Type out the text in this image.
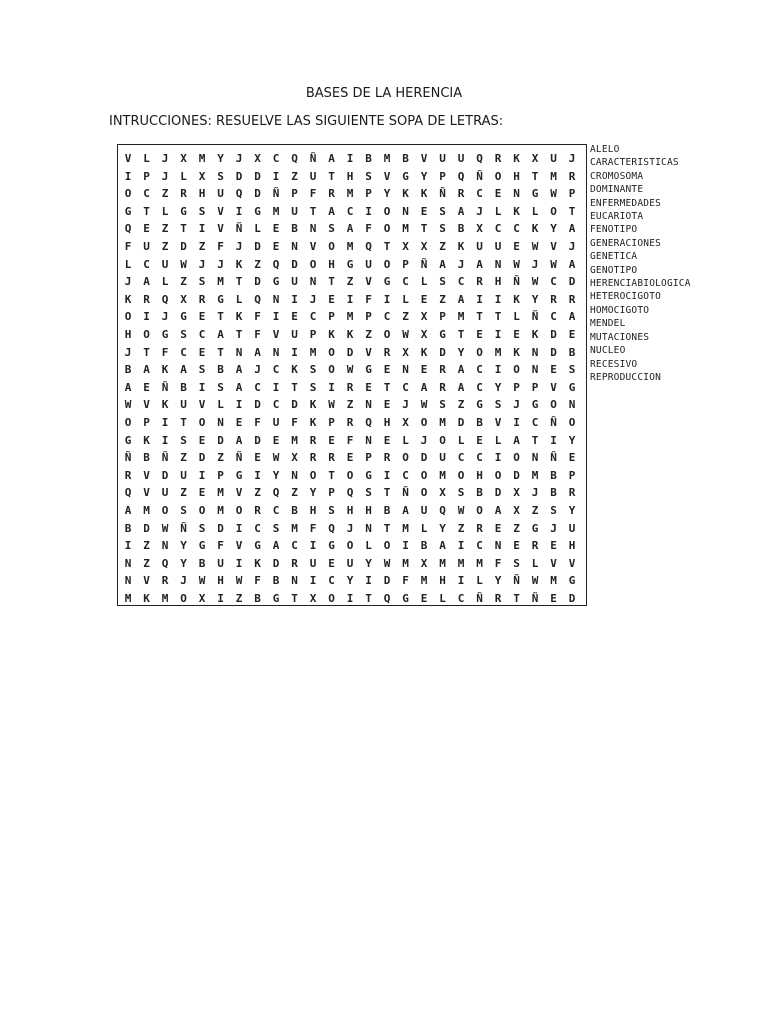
BASES DE LA HERENCIA
INTRUCCIONES: RESUELVE LAS SIGUIENTE SOPA DE LETRAS:
V	L	J	X	M	Y	J	X	C	Q	Ñ	A	I	B	M	B	V	U	U	Q	R	K	X	U	J
I	P	J	L	X	S	D	D	I	Z	U	T	H	S	V	G	Y	P	Q	Ñ	O	H	T	M	R
O	C	Z	R	H	U	Q	D	Ñ	P	F	R	M	P	Y	K	K	Ñ	R	C	E	N	G	W	P
G	T	L	G	S	V	I	G	M	U	T	A	C	I	O	N	E	S	A	J	L	K	L	O	T
Q	E	Z	T	I	V	Ñ	L	E	B	N	S	A	F	O	M	T	S	B	X	C	C	K	Y	A
F	U	Z	D	Z	F	J	D	E	N	V	O	M	Q	T	X	X	Z	K	U	U	E	W	V	J
L	C	U	W	J	J	K	Z	Q	D	O	H	G	U	O	P	Ñ	A	J	A	N	W	J	W	A
J	A	L	Z	S	M	T	D	G	U	N	T	Z	V	G	C	L	S	C	R	H	Ñ	W	C	D
K	R	Q	X	R	G	L	Q	N	I	J	E	I	F	I	L	E	Z	A	I	I	K	Y	R	R
O	I	J	G	E	T	K	F	I	E	C	P	M	P	C	Z	X	P	M	T	T	L	Ñ	C	A
H	O	G	S	C	A	T	F	V	U	P	K	K	Z	O	W	X	G	T	E	I	E	K	D	E
J	T	F	C	E	T	N	A	N	I	M	O	D	V	R	X	K	D	Y	O	M	K	N	D	B
B	A	K	A	S	B	A	J	C	K	S	O	W	G	E	N	E	R	A	C	I	O	N	E	S
A	E	Ñ	B	I	S	A	C	I	T	S	I	R	E	T	C	A	R	A	C	Y	P	P	V	G
W	V	K	U	V	L	I	D	C	D	K	W	Z	N	E	J	W	S	Z	G	S	J	G	O	N
O	P	I	T	O	N	E	F	U	F	K	P	R	Q	H	X	O	M	D	B	V	I	C	Ñ	O
G	K	I	S	E	D	A	D	E	M	R	E	F	N	E	L	J	O	L	E	L	A	T	I	Y
Ñ	B	Ñ	Z	D	Z	Ñ	E	W	X	R	R	E	P	R	O	D	U	C	C	I	O	N	Ñ	E
R	V	D	U	I	P	G	I	Y	N	O	T	O	G	I	C	O	M	O	H	O	D	M	B	P
Q	V	U	Z	E	M	V	Z	Q	Z	Y	P	Q	S	T	Ñ	O	X	S	B	D	X	J	B	R
A	M	O	S	O	M	O	R	C	B	H	S	H	H	B	A	U	Q	W	O	A	X	Z	S	Y
B	D	W	Ñ	S	D	I	C	S	M	F	Q	J	N	T	M	L	Y	Z	R	E	Z	G	J	U
I	Z	N	Y	G	F	V	G	A	C	I	G	O	L	O	I	B	A	I	C	N	E	R	E	H
N	Z	Q	Y	B	U	I	K	D	R	U	E	U	Y	W	M	X	M	M	M	F	S	L	V	V
N	V	R	J	W	H	W	F	B	N	I	C	Y	I	D	F	M	H	I	L	Y	Ñ	W	M	G
M	K	M	O	X	I	Z	B	G	T	X	O	I	T	Q	G	E	L	C	Ñ	R	T	Ñ	E	D
ALELO
CARACTERISTICAS
CROMOSOMA
DOMINANTE
ENFERMEDADES
EUCARIOTA
FENOTIPO
GENERACIONES
GENETICA
GENOTIPO
HERENCIABIOLOGICA
HETEROCIGOTO
HOMOCIGOTO
MENDEL
MUTACIONES
NUCLEO
RECESIVO
REPRODUCCION
